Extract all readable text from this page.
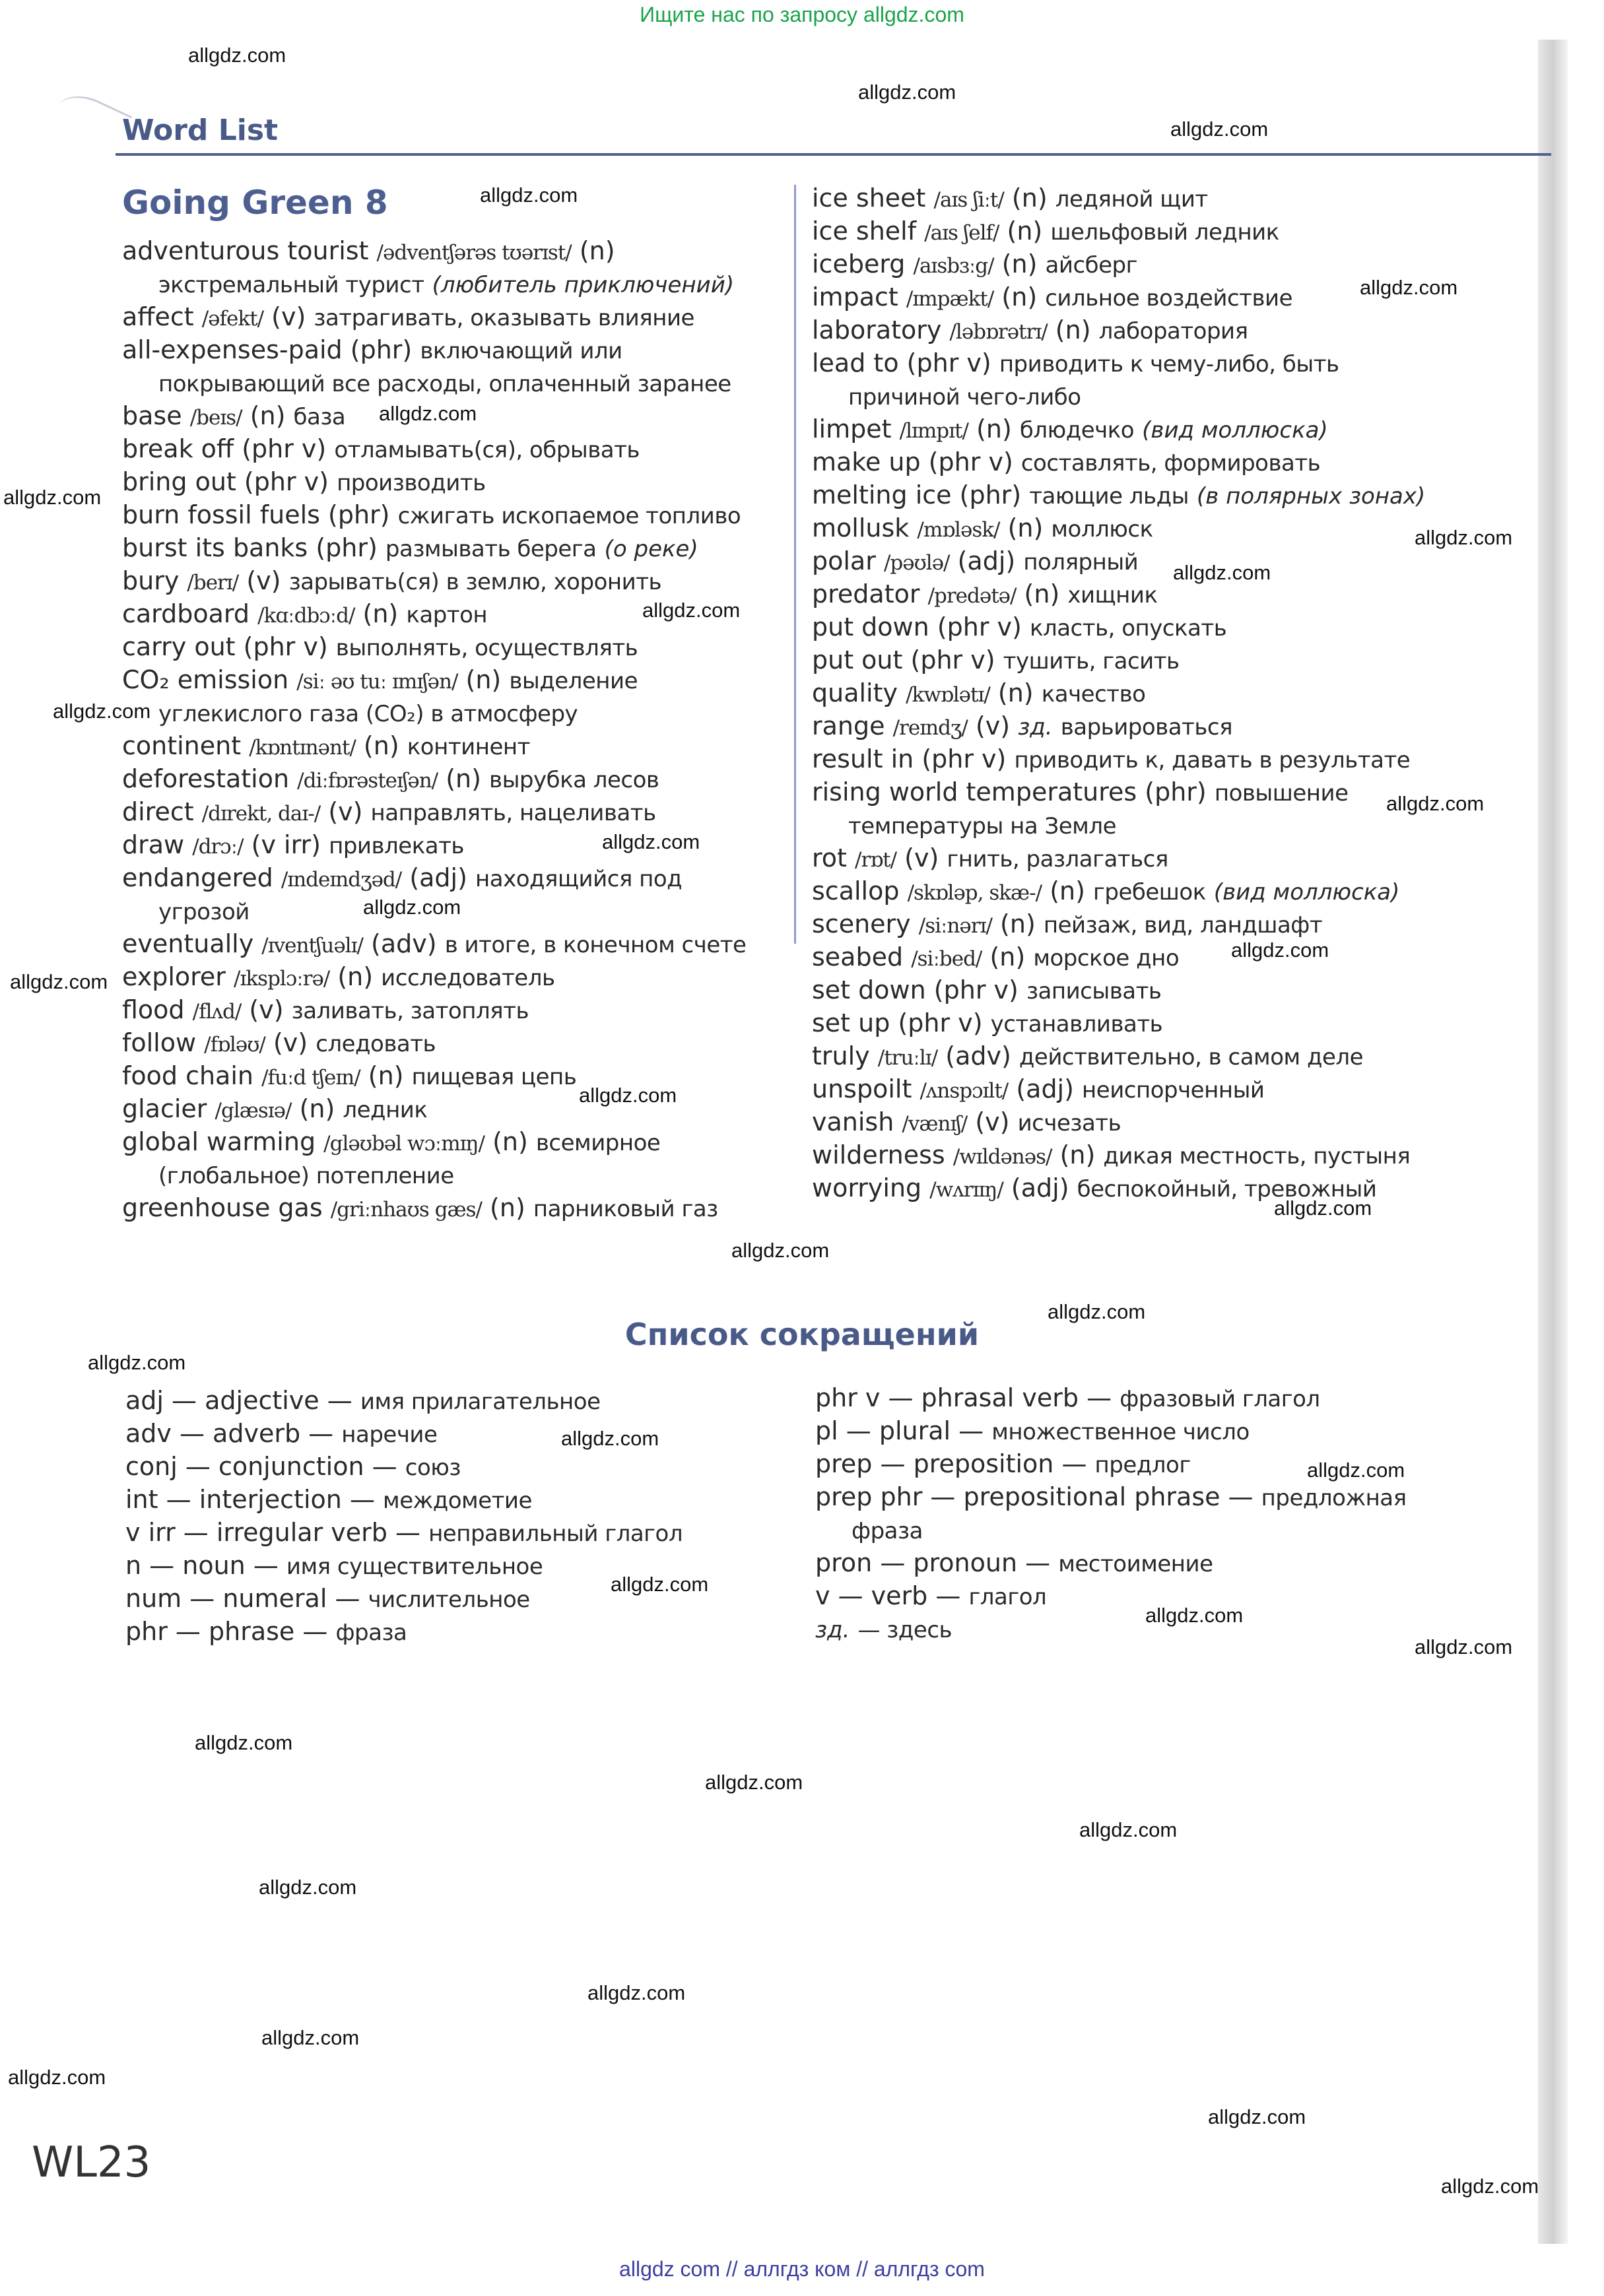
Ищите нас по запросу allgdz.com
Word List
Going Green 8
adventurous tourist /ədventʃərəs tʊərɪst/ (n)
экстремальный турист (любитель приключений)
affect /əfekt/ (v) затрагивать, оказывать влияние
all-expenses-paid (phr) включающий или
покрывающий все расходы, оплаченный заранее
base /beɪs/ (n) база
break off (phr v) отламывать(ся), обрывать
bring out (phr v) производить
burn fossil fuels (phr) сжигать ископаемое топливо
burst its banks (phr) размывать берега (о реке)
bury /berɪ/ (v) зарывать(ся) в землю, хоронить
cardboard /kɑːdbɔːd/ (n) картон
carry out (phr v) выполнять, осуществлять
CO₂ emission /siː əʊ tuː ɪmɪʃən/ (n) выделение
углекислого газа (CO₂) в атмосферу
continent /kɒntɪnənt/ (n) континент
deforestation /diːfɒrəsteɪʃən/ (n) вырубка лесов
direct /dɪrekt, daɪ-/ (v) направлять, нацеливать
draw /drɔː/ (v irr) привлекать
endangered /ɪndeɪndʒəd/ (adj) находящийся под
угрозой
eventually /ɪventʃuəlɪ/ (adv) в итоге, в конечном счете
explorer /ɪksplɔːrə/ (n) исследователь
flood /flʌd/ (v) заливать, затоплять
follow /fɒləʊ/ (v) следовать
food chain /fuːd tʃeɪn/ (n) пищевая цепь
glacier /glæsɪə/ (n) ледник
global warming /gləʊbəl wɔːmɪŋ/ (n) всемирное
(глобальное) потепление
greenhouse gas /griːnhaʊs gæs/ (n) парниковый газ
ice sheet /aɪs ʃiːt/ (n) ледяной щит
ice shelf /aɪs ʃelf/ (n) шельфовый ледник
iceberg /aɪsbɜːg/ (n) айсберг
impact /ɪmpækt/ (n) сильное воздействие
laboratory /ləbɒrətrɪ/ (n) лаборатория
lead to (phr v) приводить к чему-либо, быть
причиной чего-либо
limpet /lɪmpɪt/ (n) блюдечко (вид моллюска)
make up (phr v) составлять, формировать
melting ice (phr) тающие льды (в полярных зонах)
mollusk /mɒləsk/ (n) моллюск
polar /pəʊlə/ (adj) полярный
predator /predətə/ (n) хищник
put down (phr v) класть, опускать
put out (phr v) тушить, гасить
quality /kwɒlətɪ/ (n) качество
range /reɪndʒ/ (v) зд. варьироваться
result in (phr v) приводить к, давать в результате
rising world temperatures (phr) повышение
температуры на Земле
rot /rɒt/ (v) гнить, разлагаться
scallop /skɒləp, skæ-/ (n) гребешок (вид моллюска)
scenery /siːnərɪ/ (n) пейзаж, вид, ландшафт
seabed /siːbed/ (n) морское дно
set down (phr v) записывать
set up (phr v) устанавливать
truly /truːlɪ/ (adv) действительно, в самом деле
unspoilt /ʌnspɔɪlt/ (adj) неиспорченный
vanish /vænɪʃ/ (v) исчезать
wilderness /wɪldənəs/ (n) дикая местность, пустыня
worrying /wʌrɪɪŋ/ (adj) беспокойный, тревожный
Список сокращений
adj — adjective — имя прилагательное
adv — adverb — наречие
conj — conjunction — союз
int — interjection — междометие
v irr — irregular verb — неправильный глагол
n — noun — имя существительное
num — numeral — числительное
phr — phrase — фраза
phr v — phrasal verb — фразовый глагол
pl — plural — множественное число
prep — preposition — предлог
prep phr — prepositional phrase — предложная
фраза
pron — pronoun — местоимение
v — verb — глагол
зд. — здесь
WL23
allgdz.com
allgdz.com
allgdz.com
allgdz.com
allgdz.com
allgdz.com
allgdz.com
allgdz.com
allgdz.com
allgdz.com
allgdz.com
allgdz.com
allgdz.com
allgdz.com
allgdz.com
allgdz.com
allgdz.com
allgdz.com
allgdz.com
allgdz.com
allgdz.com
allgdz.com
allgdz.com
allgdz.com
allgdz.com
allgdz.com
allgdz.com
allgdz.com
allgdz.com
allgdz.com
allgdz.com
allgdz.com
allgdz.com
allgdz.com
allgdz.com
allgdz com // аллгдз ком // аллгдз com
